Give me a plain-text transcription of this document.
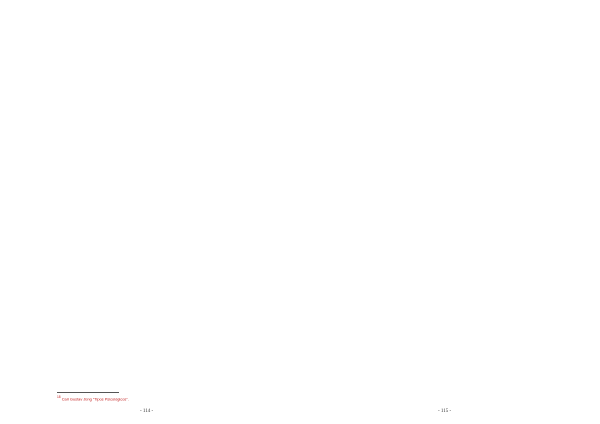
$^{18}$ Carl Gustav Jüng "Tipos Psicológicos".
- 114 -	- 115 -
